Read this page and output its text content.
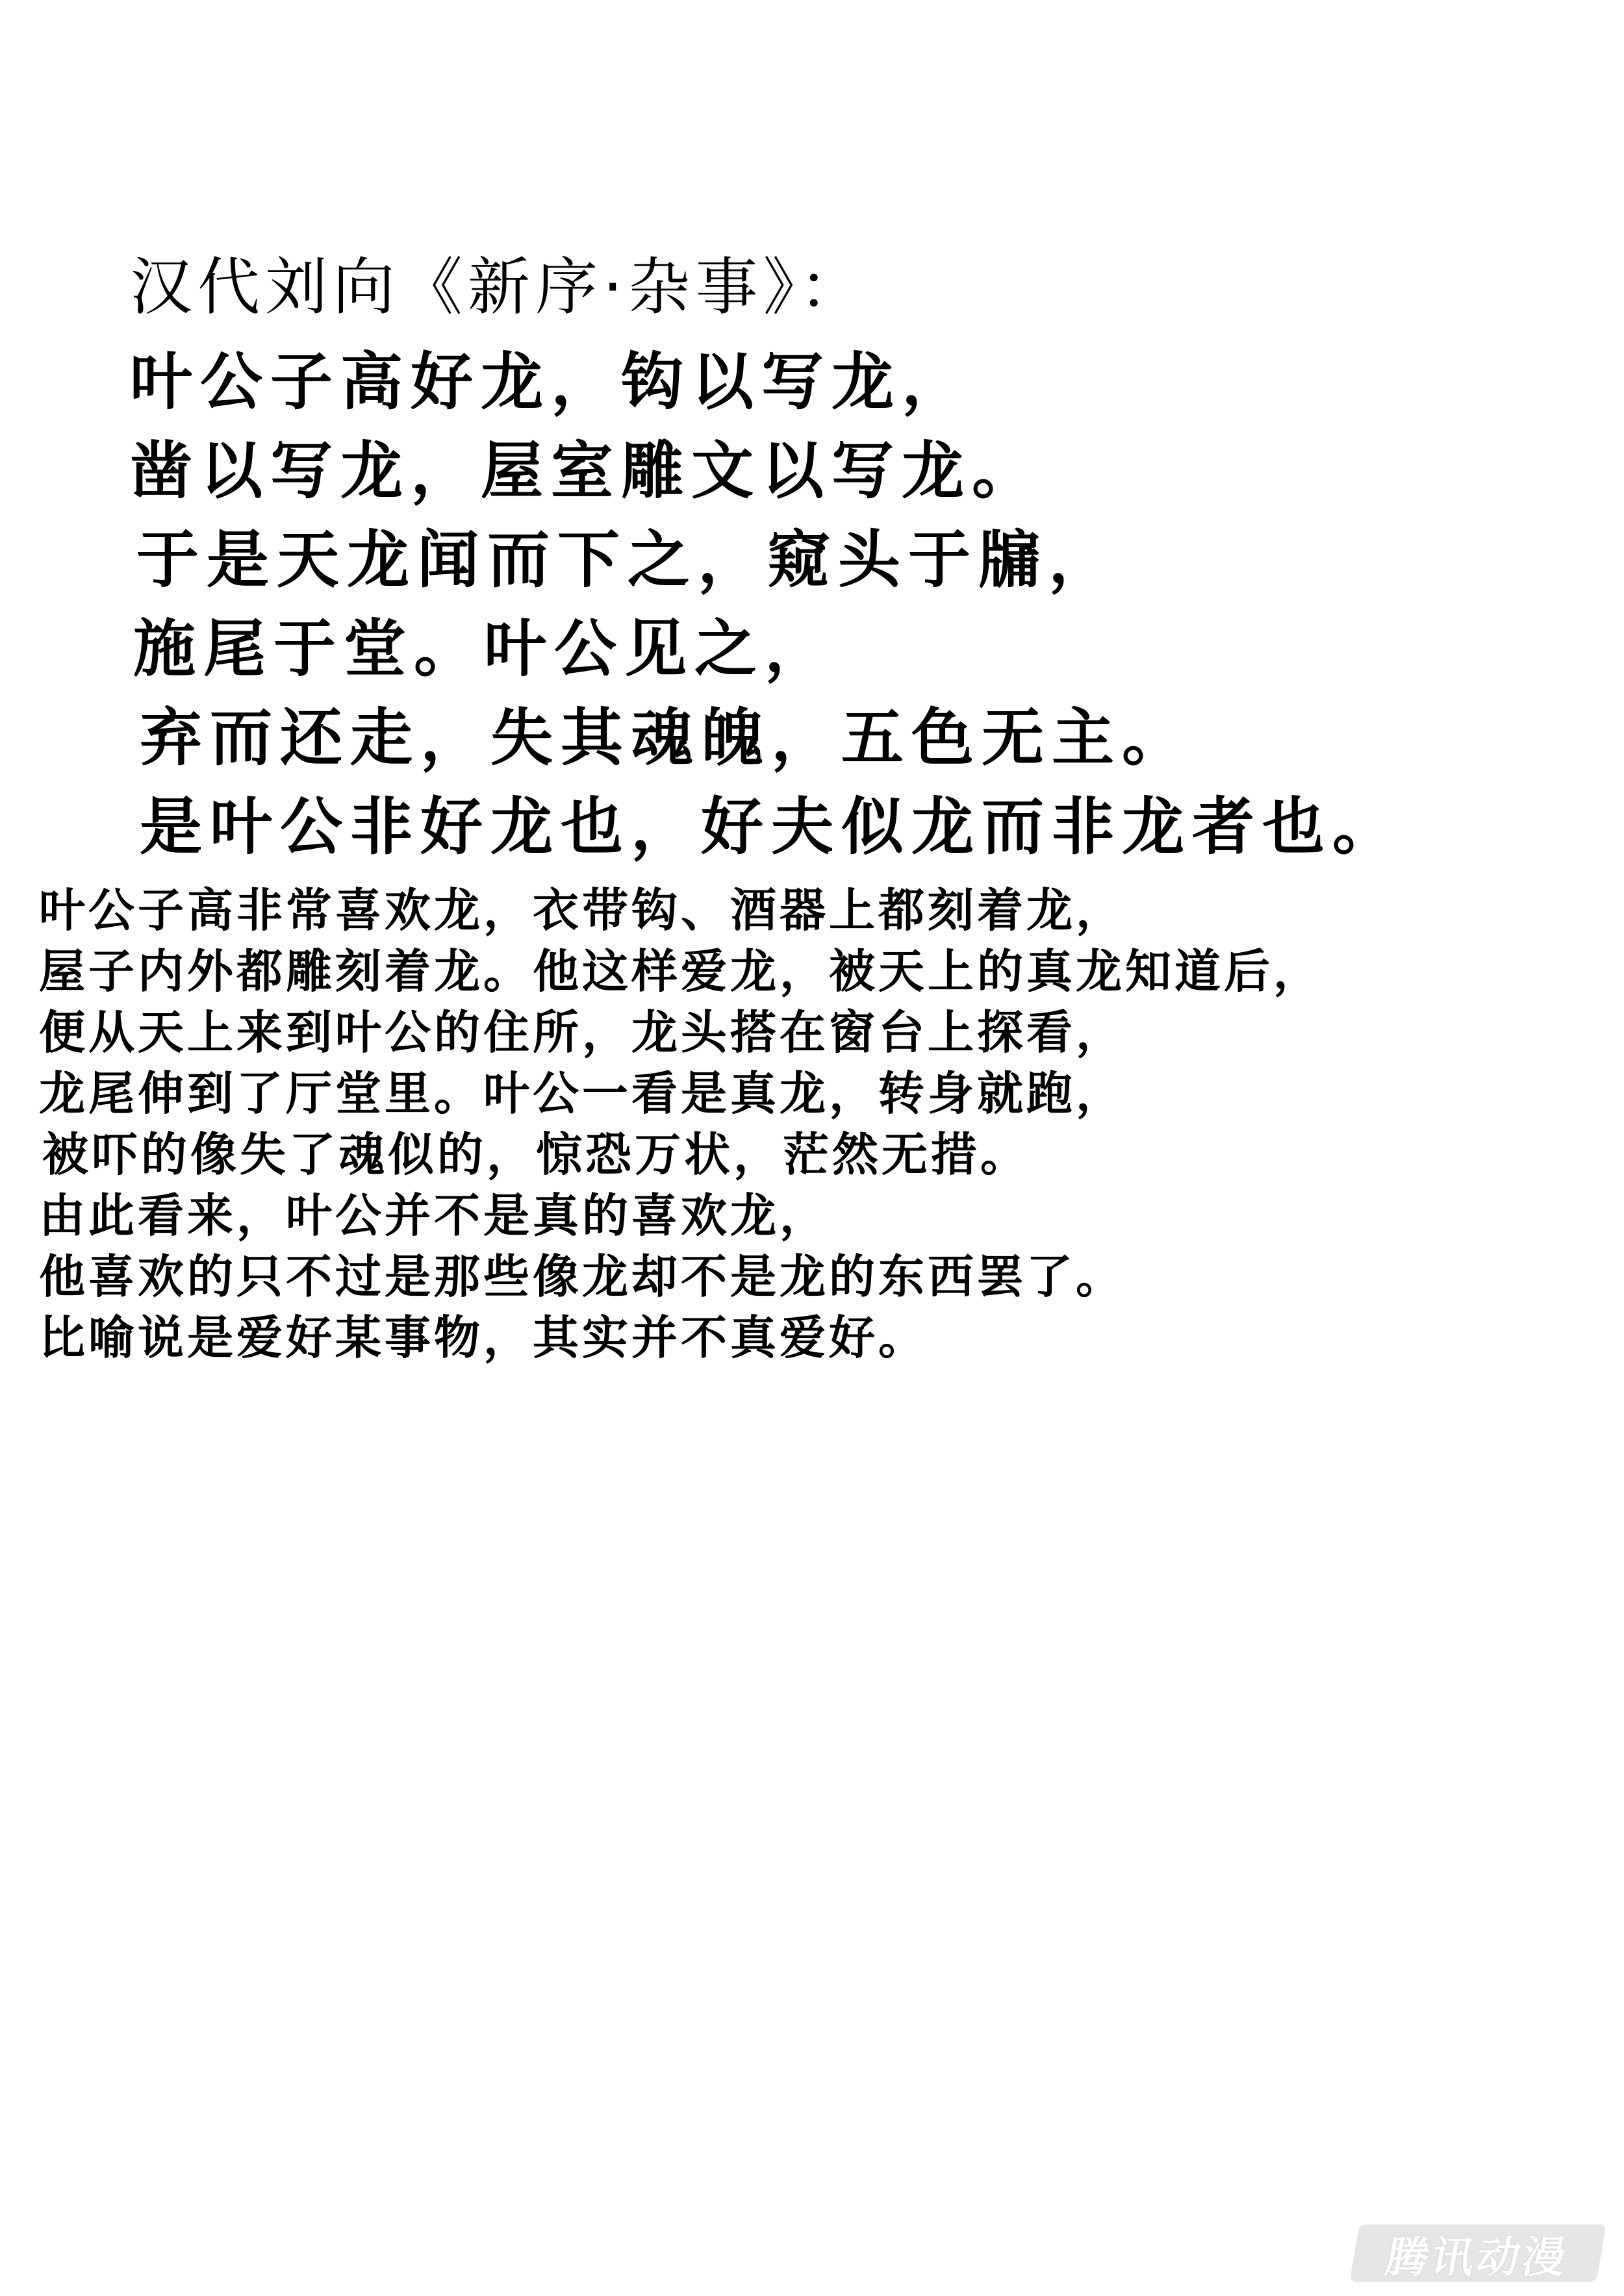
汉代刘向《新序·杂事》：
叶公子高好龙，钩以写龙，
凿以写龙，屋室雕文以写龙。
于是天龙闻而下之，窥头于牖，
施尾于堂。叶公见之，
弃而还走，失其魂魄，五色无主。
是叶公非好龙也，好夫似龙而非龙者也。
叶公子高非常喜欢龙，衣带钩、酒器上都刻着龙，
屋子内外都雕刻着龙。他这样爱龙，被天上的真龙知道后，
便从天上来到叶公的住所，龙头搭在窗台上探看，
龙尾伸到了厅堂里。叶公一看是真龙，转身就跑，
被吓的像失了魂似的，惊恐万状，茫然无措。
由此看来，叶公并不是真的喜欢龙，
他喜欢的只不过是那些像龙却不是龙的东西罢了。
比喻说是爱好某事物，其实并不真爱好。
腾讯动漫
